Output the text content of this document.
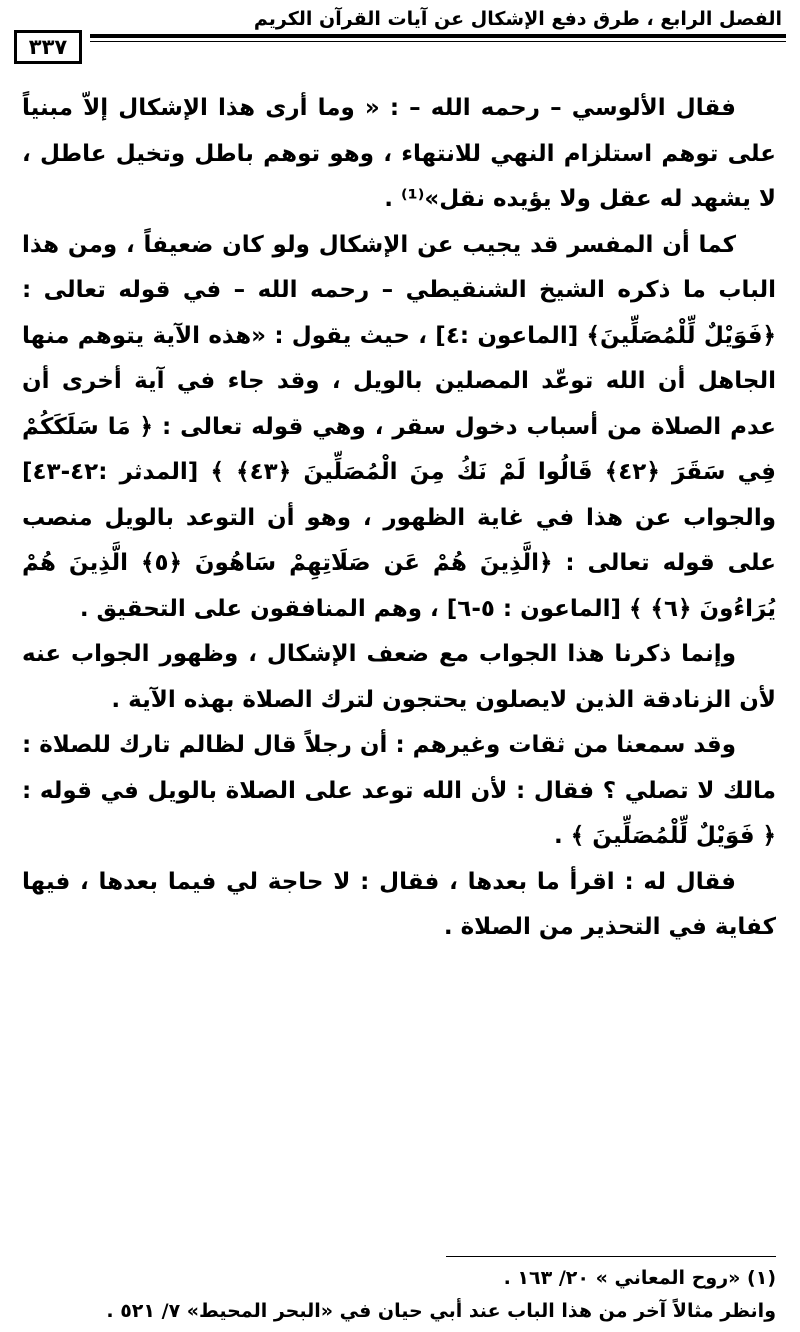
الفصل الرابع ، طرق دفع الإشكال عن آيات القرآن الكريم
٣٣٧

فقال الألوسي – رحمه الله – : « وما أرى هذا الإشكال إلاّ مبنياً على توهم استلزام النهي للانتهاء ، وهو توهم باطل وتخيل عاطل ، لا يشهد له عقل ولا يؤيده نقل»⁽¹⁾ .

كما أن المفسر قد يجيب عن الإشكال ولو كان ضعيفاً ، ومن هذا الباب ما ذكره الشيخ الشنقيطي – رحمه الله – في قوله تعالى : ﴿فَوَيْلٌ لِّلْمُصَلِّينَ﴾ [الماعون :٤] ، حيث يقول : «هذه الآية يتوهم منها الجاهل أن الله توعّد المصلين بالويل ، وقد جاء في آية أخرى أن عدم الصلاة من أسباب دخول سقر ، وهي قوله تعالى : ﴿ مَا سَلَكَكُمْ فِي سَقَرَ ﴿٤٢﴾ قَالُوا لَمْ نَكُ مِنَ الْمُصَلِّينَ ﴿٤٣﴾ ﴾ [المدثر :٤٢-٤٣] والجواب عن هذا في غاية الظهور ، وهو أن التوعد بالويل منصب على قوله تعالى : ﴿الَّذِينَ هُمْ عَن صَلَاتِهِمْ سَاهُونَ ﴿٥﴾ الَّذِينَ هُمْ يُرَاءُونَ ﴿٦﴾ ﴾ [الماعون : ٥-٦] ، وهم المنافقون على التحقيق .

وإنما ذكرنا هذا الجواب مع ضعف الإشكال ، وظهور الجواب عنه لأن الزنادقة الذين لايصلون يحتجون لترك الصلاة بهذه الآية .

وقد سمعنا من ثقات وغيرهم : أن رجلاً قال لظالم تارك للصلاة : مالك لا تصلي ؟ فقال : لأن الله توعد على الصلاة بالويل في قوله : ﴿ فَوَيْلٌ لِّلْمُصَلِّينَ ﴾ .

فقال له : اقرأ ما بعدها ، فقال : لا حاجة لي فيما بعدها ، فيها كفاية في التحذير من الصلاة .

(١) «روح المعاني » ٢٠/ ١٦٣ .

وانظر مثالاً آخر من هذا الباب عند أبي حيان في «البحر المحيط» ٧/ ٥٢١ .
